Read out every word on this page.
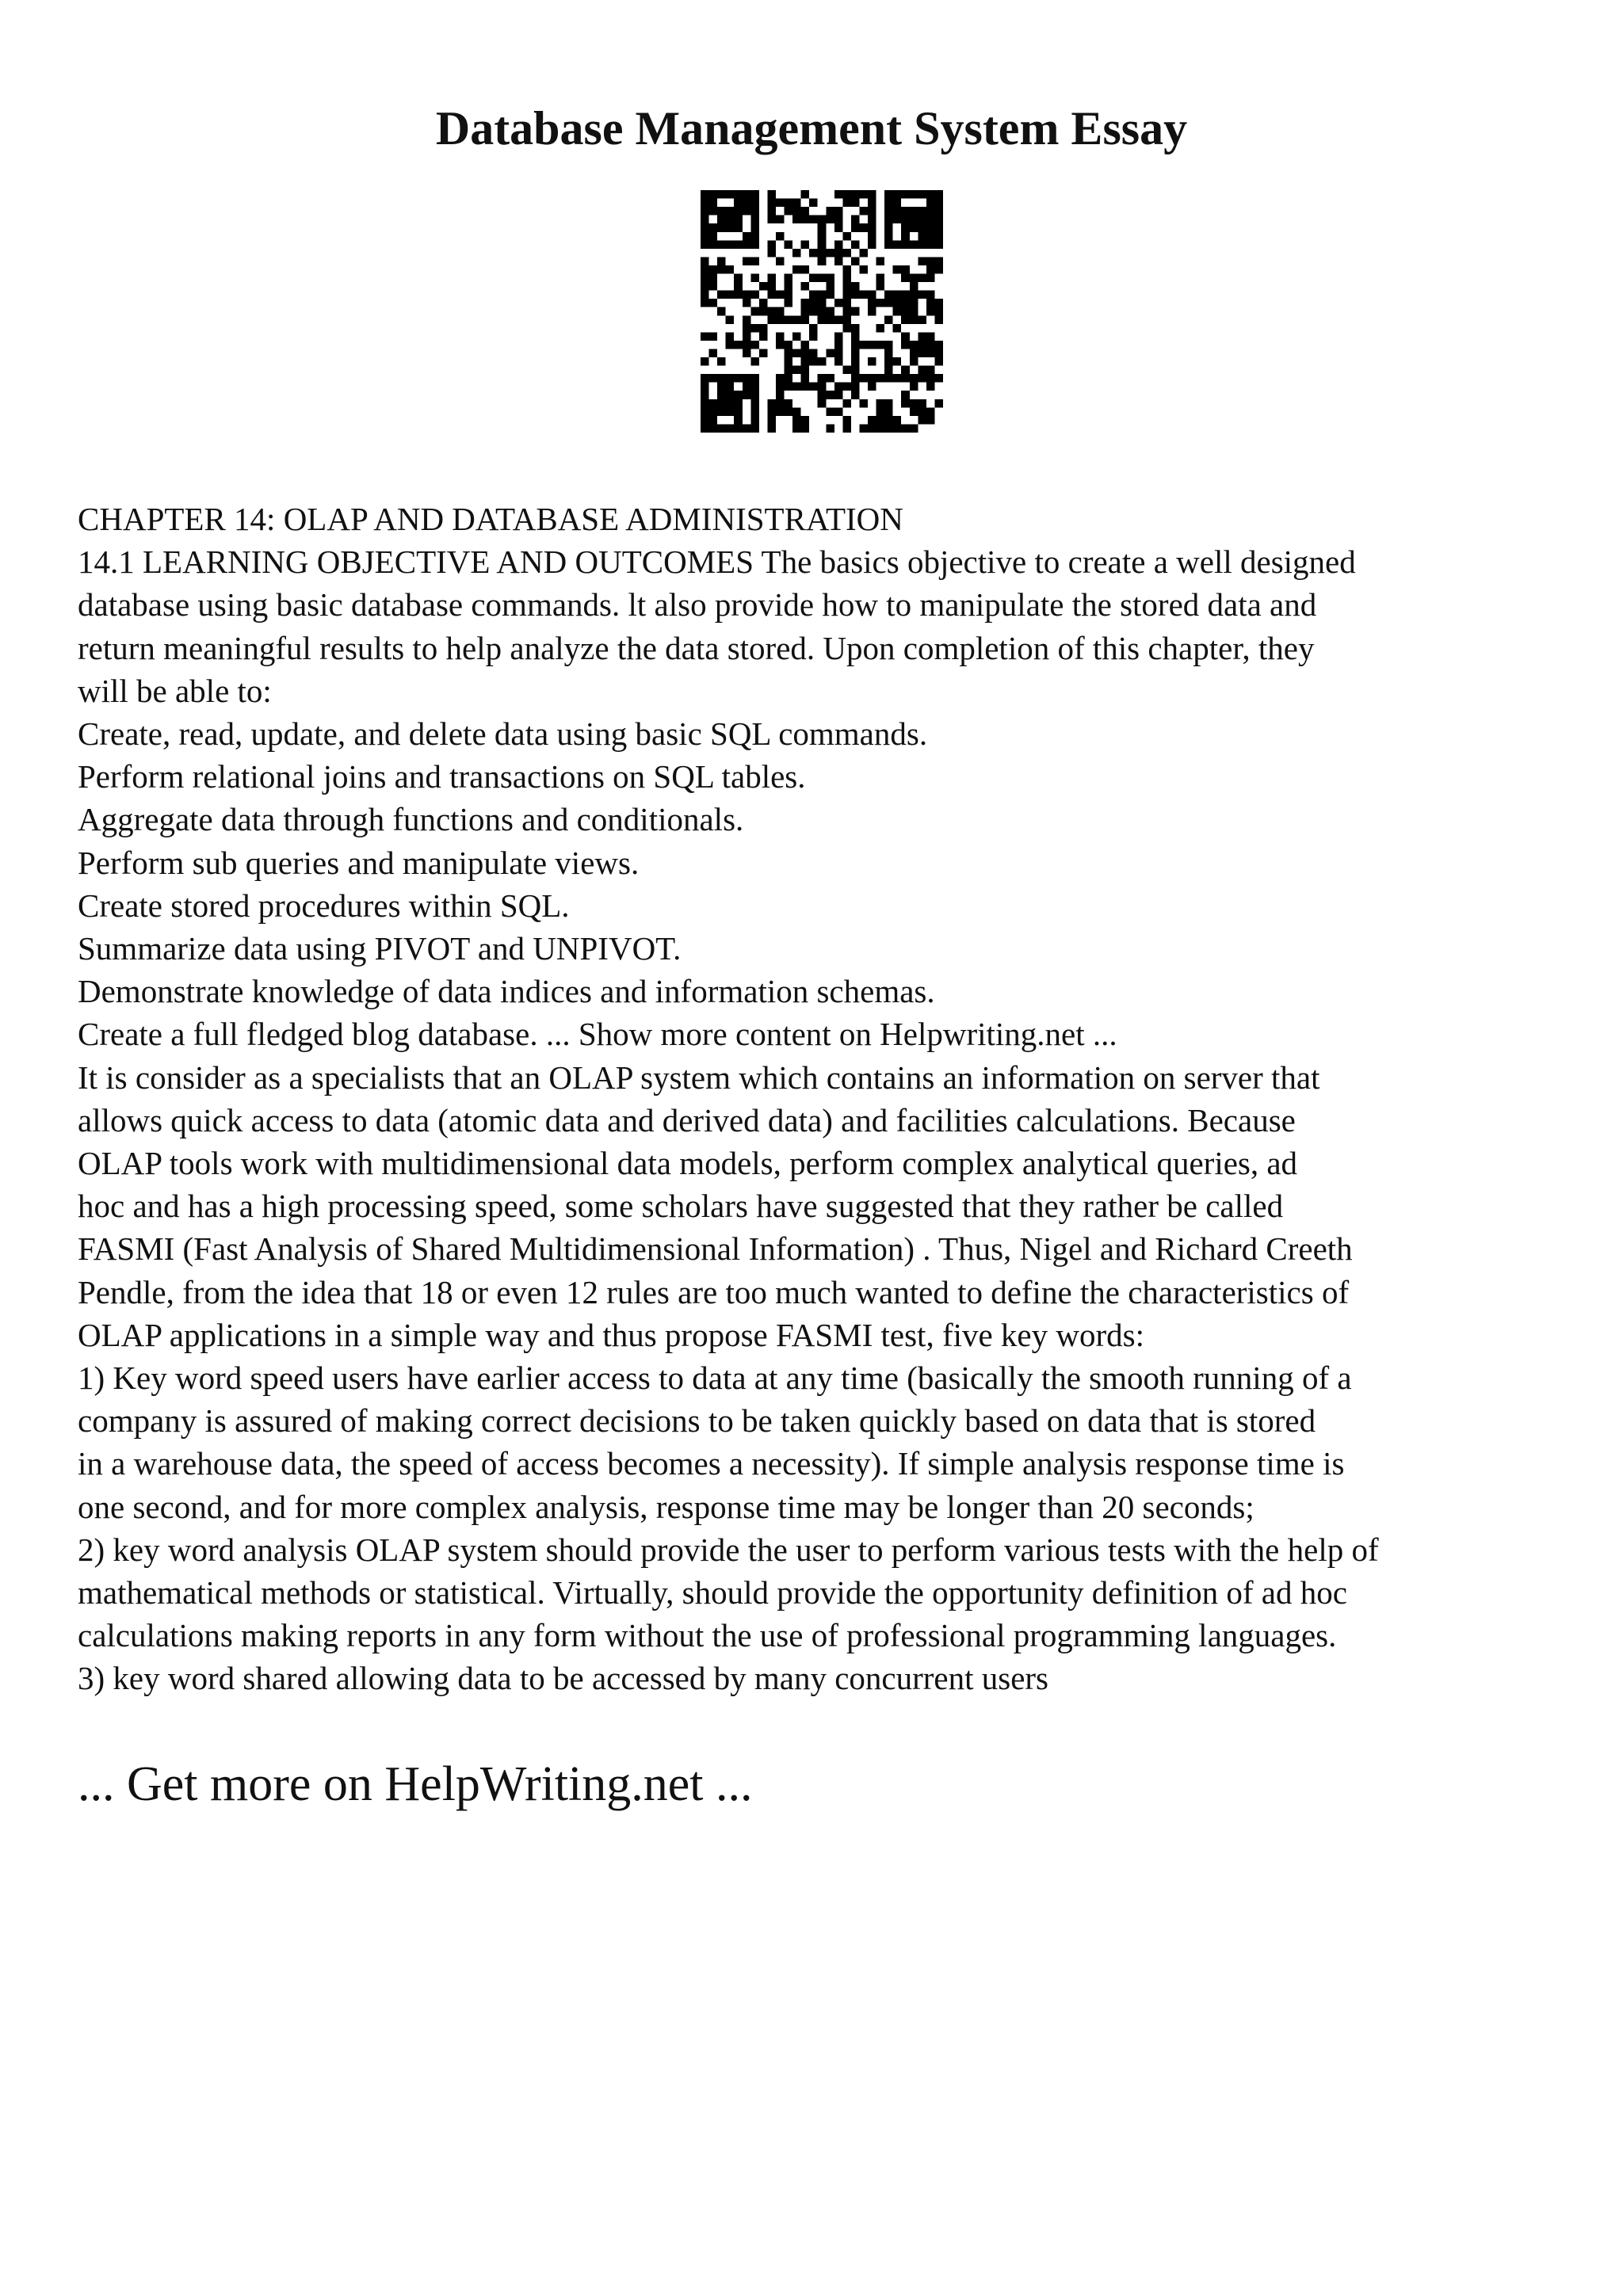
Database Management System Essay
CHAPTER 14: OLAP AND DATABASE ADMINISTRATION
14.1 LEARNING OBJECTIVE AND OUTCOMES The basics objective to create a well designed
database using basic database commands. lt also provide how to manipulate the stored data and
return meaningful results to help analyze the data stored. Upon completion of this chapter, they
will be able to:
Create, read, update, and delete data using basic SQL commands.
Perform relational joins and transactions on SQL tables.
Aggregate data through functions and conditionals.
Perform sub queries and manipulate views.
Create stored procedures within SQL.
Summarize data using PIVOT and UNPIVOT.
Demonstrate knowledge of data indices and information schemas.
Create a full fledged blog database. ... Show more content on Helpwriting.net ...
It is consider as a specialists that an OLAP system which contains an information on server that
allows quick access to data (atomic data and derived data) and facilities calculations. Because
OLAP tools work with multidimensional data models, perform complex analytical queries, ad
hoc and has a high processing speed, some scholars have suggested that they rather be called
FASMI (Fast Analysis of Shared Multidimensional Information) . Thus, Nigel and Richard Creeth
Pendle, from the idea that 18 or even 12 rules are too much wanted to define the characteristics of
OLAP applications in a simple way and thus propose FASMI test, five key words:
1) Key word speed users have earlier access to data at any time (basically the smooth running of a
company is assured of making correct decisions to be taken quickly based on data that is stored
in a warehouse data, the speed of access becomes a necessity). If simple analysis response time is
one second, and for more complex analysis, response time may be longer than 20 seconds;
2) key word analysis OLAP system should provide the user to perform various tests with the help of
mathematical methods or statistical. Virtually, should provide the opportunity definition of ad hoc
calculations making reports in any form without the use of professional programming languages.
3) key word shared allowing data to be accessed by many concurrent users
... Get more on HelpWriting.net ...
